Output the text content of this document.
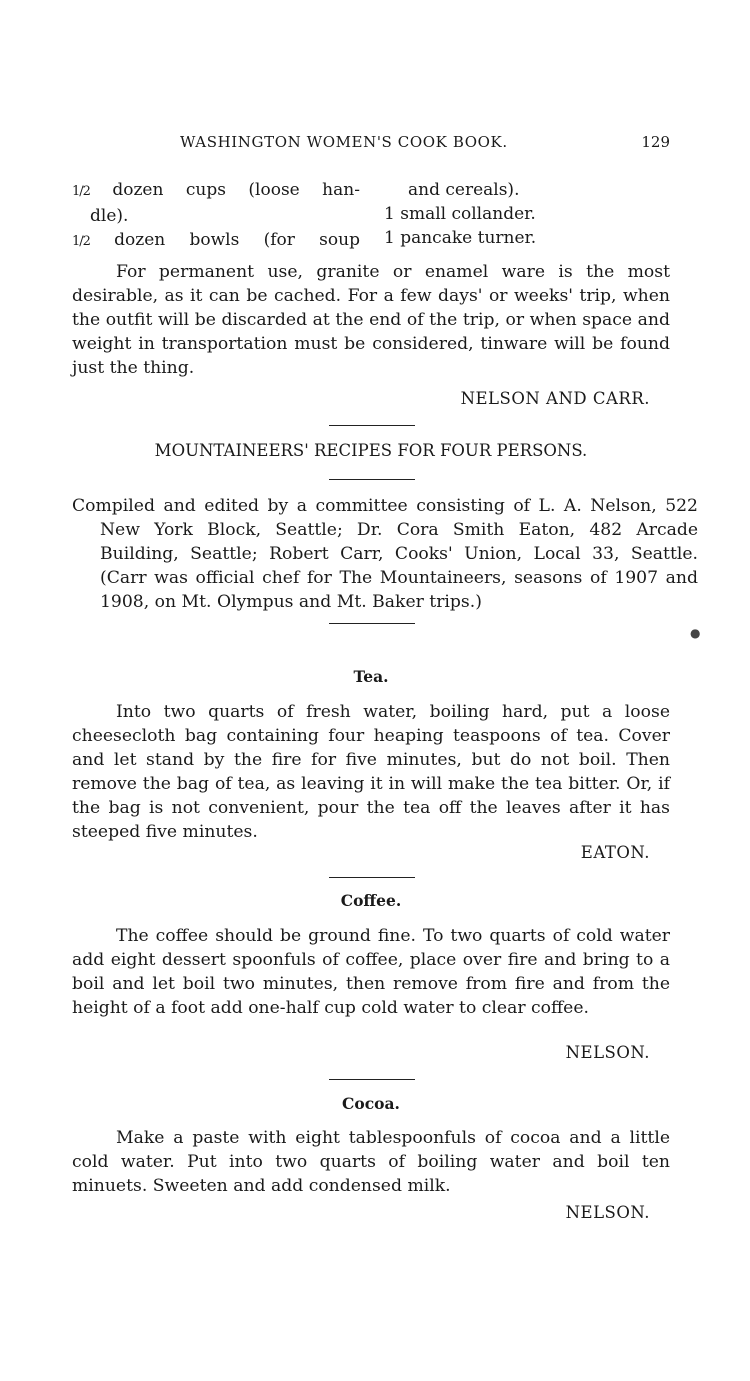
WASHINGTON WOMEN'S COOK BOOK.	129
1/2 dozen cups (loose han-
dle).
1/2 dozen bowls (for soup
and cereals).
1 small collander.
1 pancake turner.

For permanent use, granite or enamel ware is the most desirable, as it can be cached. For a few days' or weeks' trip, when the outfit will be discarded at the end of the trip, or when space and weight in transportation must be considered, tinware will be found just the thing.

NELSON AND CARR.
MOUNTAINEERS' RECIPES FOR FOUR PERSONS.

Compiled and edited by a committee consisting of L. A. Nelson, 522 New York Block, Seattle; Dr. Cora Smith Eaton, 482 Arcade Building, Seattle; Robert Carr, Cooks' Union, Local 33, Seattle. (Carr was official chef for The Mountaineers, seasons of 1907 and 1908, on Mt. Olympus and Mt. Baker trips.)

●
Tea.

Into two quarts of fresh water, boiling hard, put a loose cheesecloth bag containing four heaping teaspoons of tea. Cover and let stand by the fire for five minutes, but do not boil. Then remove the bag of tea, as leaving it in will make the tea bitter. Or, if the bag is not convenient, pour the tea off the leaves after it has steeped five minutes.

EATON.
Coffee.

The coffee should be ground fine. To two quarts of cold water add eight dessert spoonfuls of coffee, place over fire and bring to a boil and let boil two minutes, then remove from fire and from the height of a foot add one-half cup cold water to clear coffee.

NELSON.
Cocoa.

Make a paste with eight tablespoonfuls of cocoa and a little cold water. Put into two quarts of boiling water and boil ten minuets. Sweeten and add condensed milk.

NELSON.
